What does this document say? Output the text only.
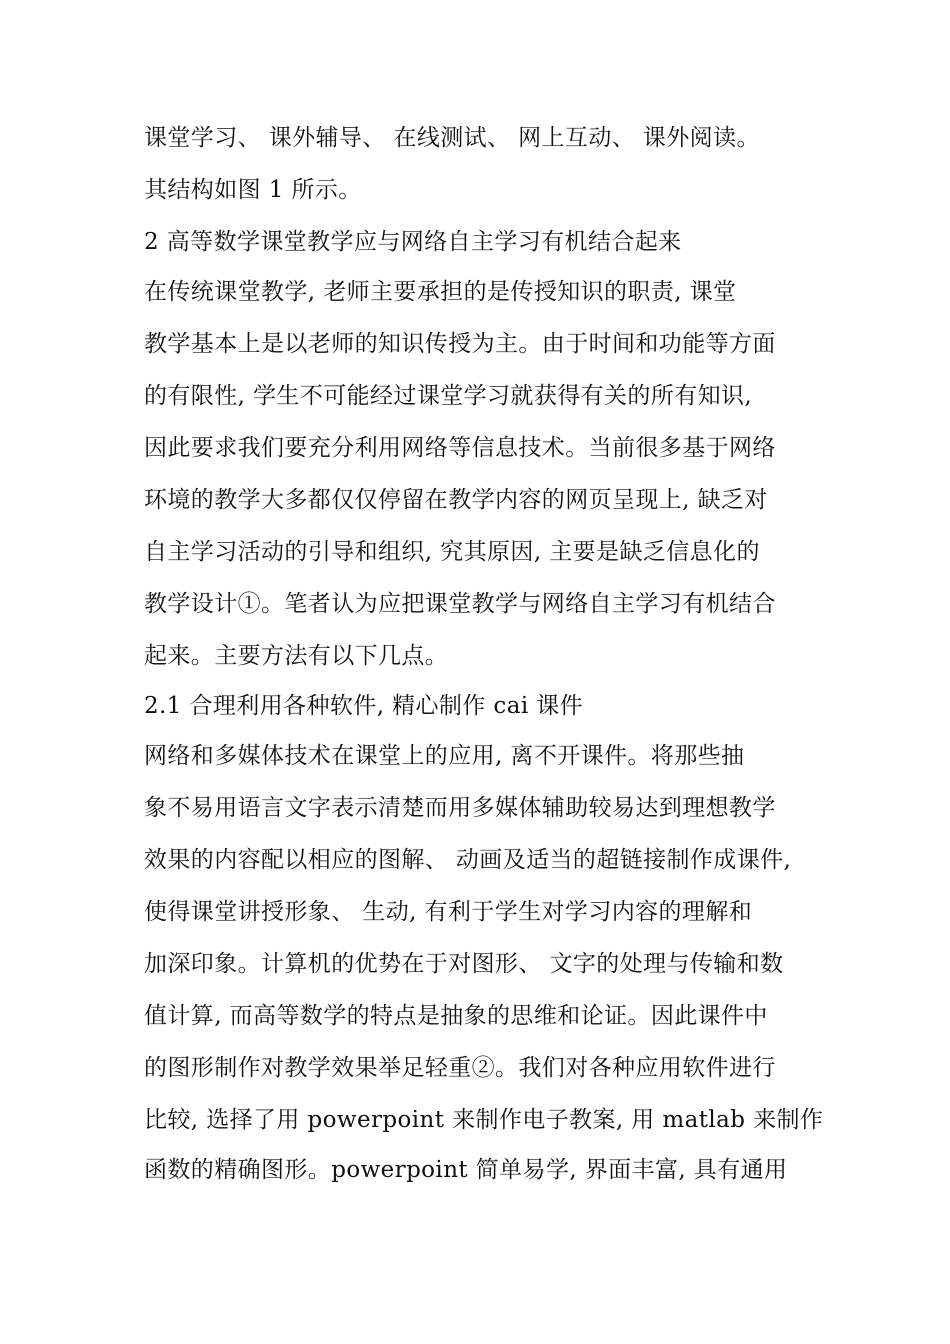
课堂学习、 课外辅导、 在线测试、 网上互动、 课外阅读。
其结构如图 1 所示。
2 高等数学课堂教学应与网络自主学习有机结合起来
在传统课堂教学, 老师主要承担的是传授知识的职责, 课堂
教学基本上是以老师的知识传授为主。由于时间和功能等方面
的有限性, 学生不可能经过课堂学习就获得有关的所有知识,
因此要求我们要充分利用网络等信息技术。当前很多基于网络
环境的教学大多都仅仅停留在教学内容的网页呈现上, 缺乏对
自主学习活动的引导和组织, 究其原因, 主要是缺乏信息化的
教学设计①。笔者认为应把课堂教学与网络自主学习有机结合
起来。主要方法有以下几点。
2.1 合理利用各种软件, 精心制作 cai 课件
网络和多媒体技术在课堂上的应用, 离不开课件。将那些抽
象不易用语言文字表示清楚而用多媒体辅助较易达到理想教学
效果的内容配以相应的图解、 动画及适当的超链接制作成课件,
使得课堂讲授形象、 生动, 有利于学生对学习内容的理解和
加深印象。计算机的优势在于对图形、 文字的处理与传输和数
值计算, 而高等数学的特点是抽象的思维和论证。因此课件中
的图形制作对教学效果举足轻重②。我们对各种应用软件进行
比较, 选择了用 powerpoint 来制作电子教案, 用 matlab 来制作
函数的精确图形。powerpoint 简单易学, 界面丰富, 具有通用
